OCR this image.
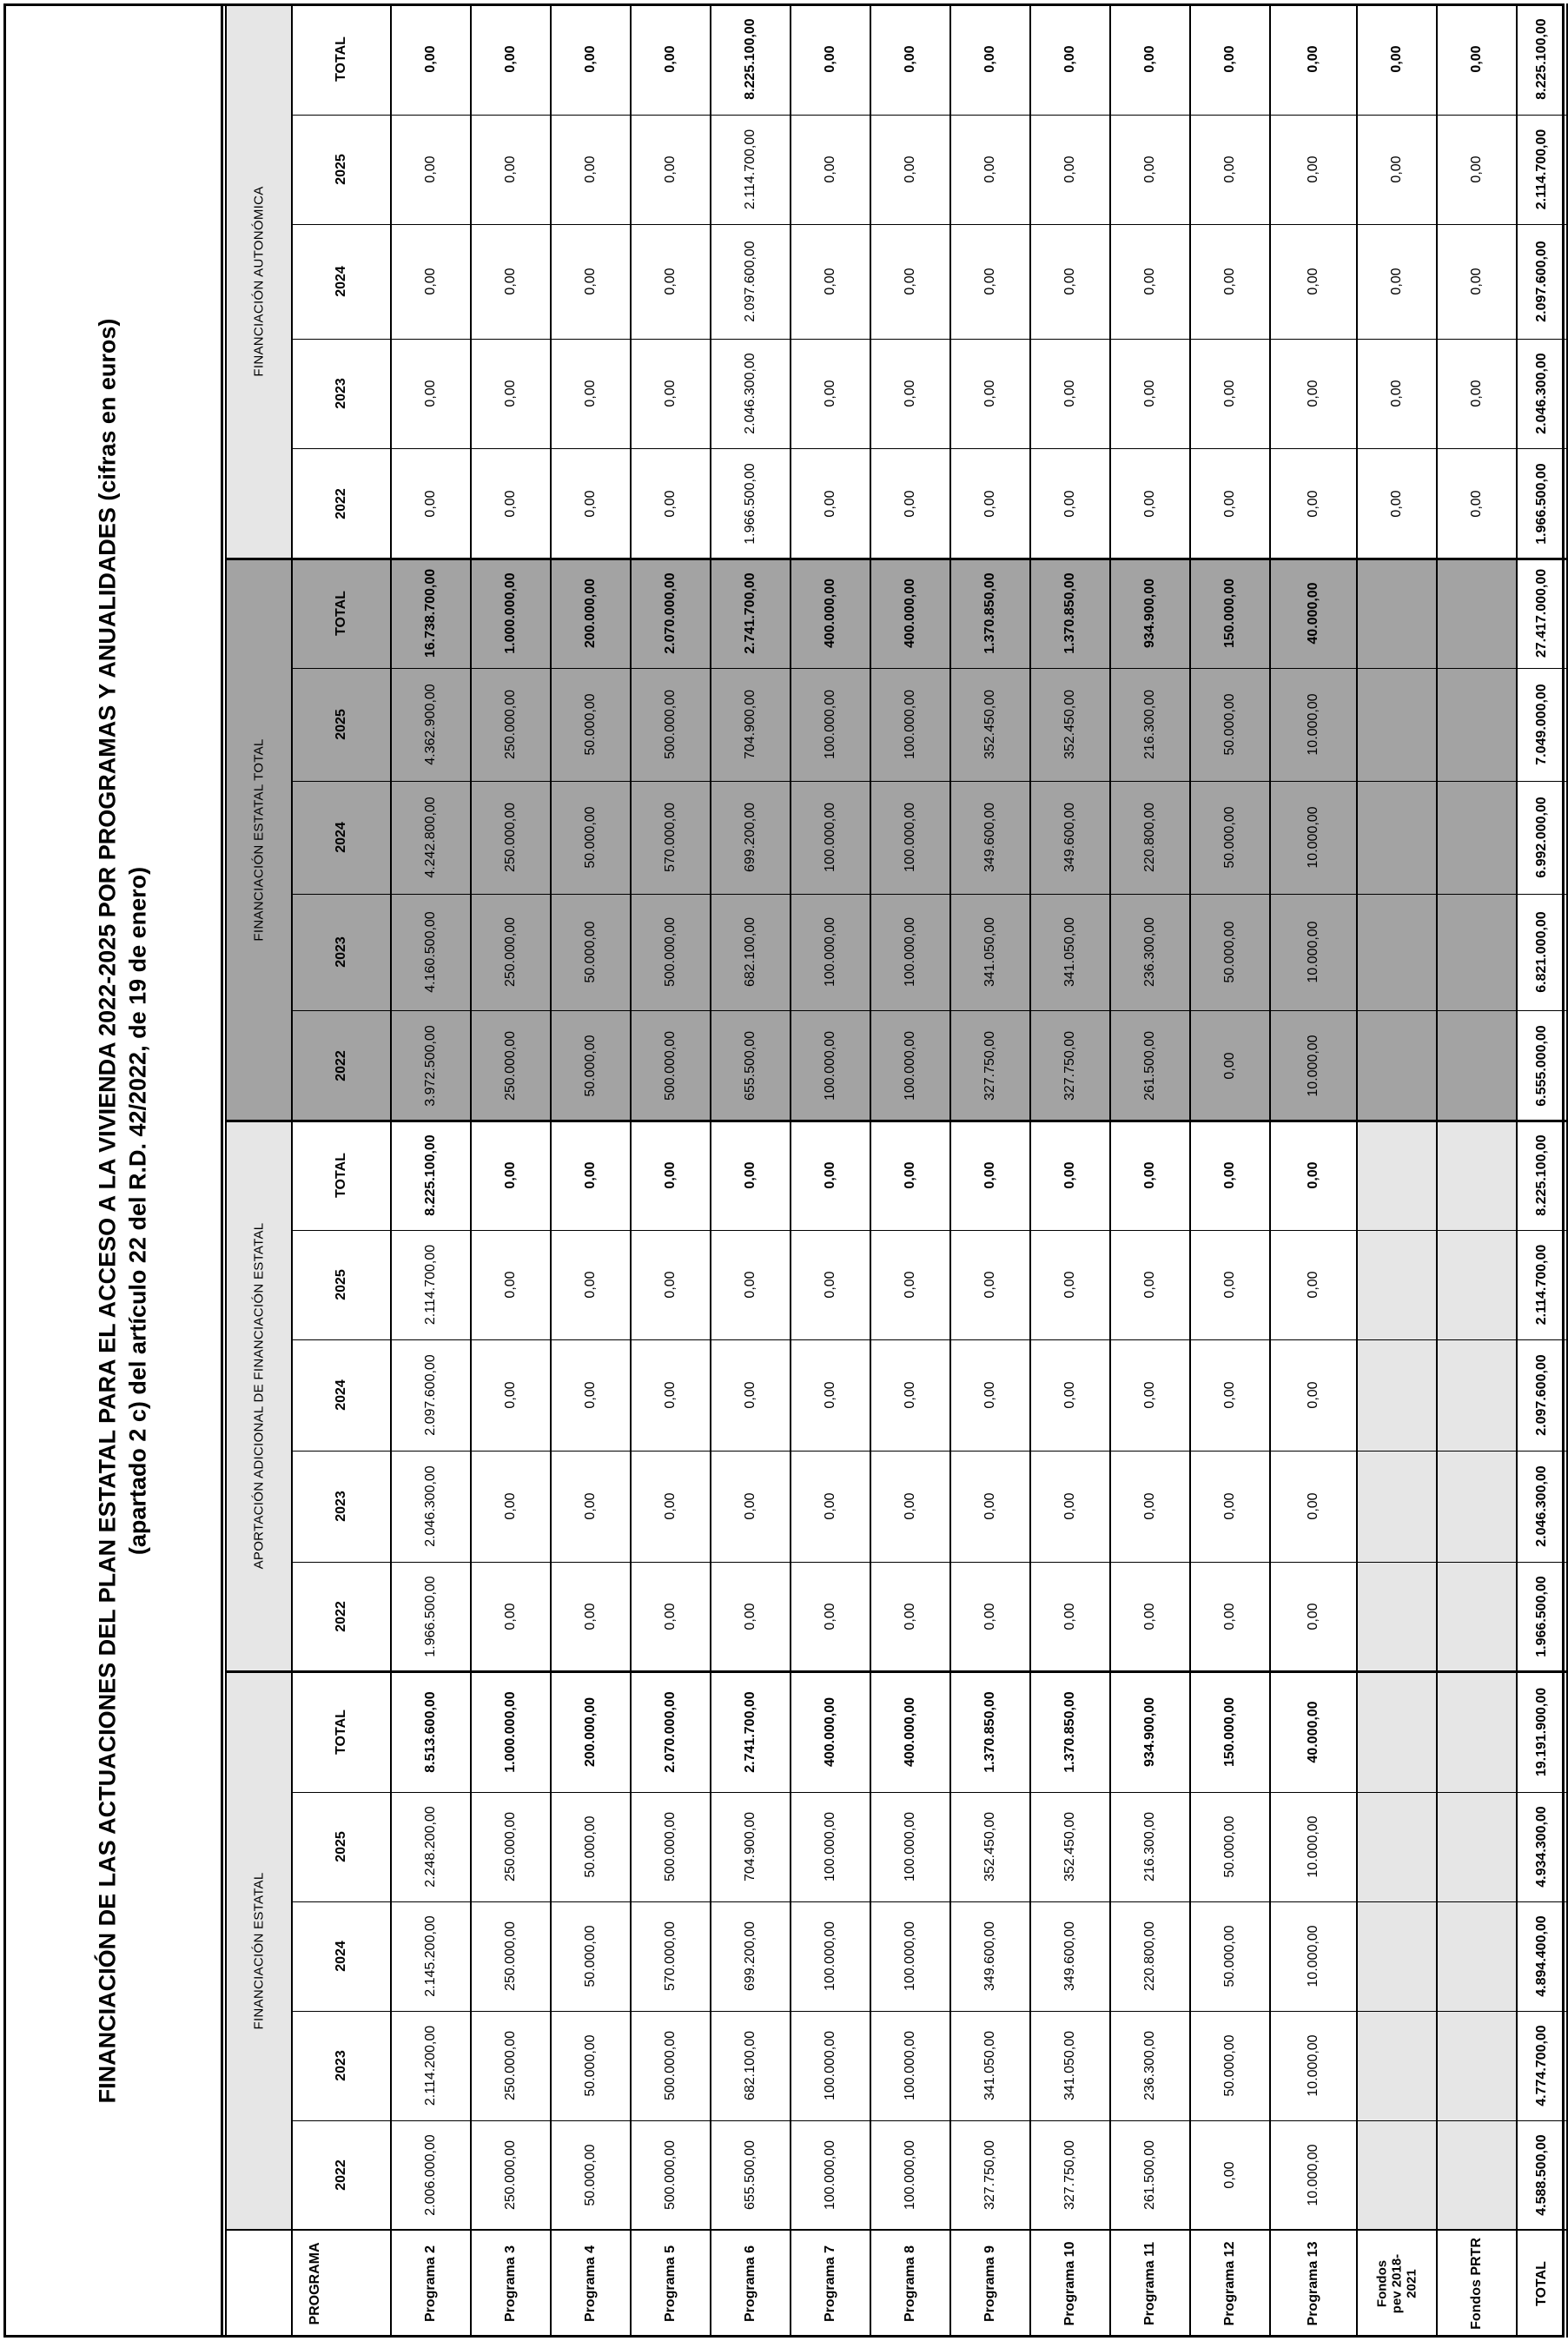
FINANCIACIÓN DE LAS ACTUACIONES DEL PLAN ESTATAL PARA EL ACCESO A LA VIVIENDA 2022-2025 POR PROGRAMAS Y ANUALIDADES (cifras en euros) (apartado 2 c) del artículo 22 del R.D. 42/2022, de 19 de enero)
FINANCIACIÓN ESTATAL
APORTACIÓN ADICIONAL DE FINANCIACIÓN ESTATAL
FINANCIACIÓN ESTATAL TOTAL
FINANCIACIÓN AUTONÓMICA
PROGRAMA
2022
2023
2024
2025
TOTAL
2022
2023
2024
2025
TOTAL
2022
2023
2024
2025
TOTAL
2022
2023
2024
2025
TOTAL
Programa 2
2.006.000,00
2.114.200,00
2.145.200,00
2.248.200,00
8.513.600,00
1.966.500,00
2.046.300,00
2.097.600,00
2.114.700,00
8.225.100,00
3.972.500,00
4.160.500,00
4.242.800,00
4.362.900,00
16.738.700,00
0,00
0,00
0,00
0,00
0,00
Programa 3
250.000,00
250.000,00
250.000,00
250.000,00
1.000.000,00
0,00
0,00
0,00
0,00
0,00
250.000,00
250.000,00
250.000,00
250.000,00
1.000.000,00
0,00
0,00
0,00
0,00
0,00
Programa 4
50.000,00
50.000,00
50.000,00
50.000,00
200.000,00
0,00
0,00
0,00
0,00
0,00
50.000,00
50.000,00
50.000,00
50.000,00
200.000,00
0,00
0,00
0,00
0,00
0,00
Programa 5
500.000,00
500.000,00
570.000,00
500.000,00
2.070.000,00
0,00
0,00
0,00
0,00
0,00
500.000,00
500.000,00
570.000,00
500.000,00
2.070.000,00
0,00
0,00
0,00
0,00
0,00
Programa 6
655.500,00
682.100,00
699.200,00
704.900,00
2.741.700,00
0,00
0,00
0,00
0,00
0,00
655.500,00
682.100,00
699.200,00
704.900,00
2.741.700,00
1.966.500,00
2.046.300,00
2.097.600,00
2.114.700,00
8.225.100,00
Programa 7
100.000,00
100.000,00
100.000,00
100.000,00
400.000,00
0,00
0,00
0,00
0,00
0,00
100.000,00
100.000,00
100.000,00
100.000,00
400.000,00
0,00
0,00
0,00
0,00
0,00
Programa 8
100.000,00
100.000,00
100.000,00
100.000,00
400.000,00
0,00
0,00
0,00
0,00
0,00
100.000,00
100.000,00
100.000,00
100.000,00
400.000,00
0,00
0,00
0,00
0,00
0,00
Programa 9
327.750,00
341.050,00
349.600,00
352.450,00
1.370.850,00
0,00
0,00
0,00
0,00
0,00
327.750,00
341.050,00
349.600,00
352.450,00
1.370.850,00
0,00
0,00
0,00
0,00
0,00
Programa 10
327.750,00
341.050,00
349.600,00
352.450,00
1.370.850,00
0,00
0,00
0,00
0,00
0,00
327.750,00
341.050,00
349.600,00
352.450,00
1.370.850,00
0,00
0,00
0,00
0,00
0,00
Programa 11
261.500,00
236.300,00
220.800,00
216.300,00
934.900,00
0,00
0,00
0,00
0,00
0,00
261.500,00
236.300,00
220.800,00
216.300,00
934.900,00
0,00
0,00
0,00
0,00
0,00
Programa 12
0,00
50.000,00
50.000,00
50.000,00
150.000,00
0,00
0,00
0,00
0,00
0,00
0,00
50.000,00
50.000,00
50.000,00
150.000,00
0,00
0,00
0,00
0,00
0,00
Programa 13
10.000,00
10.000,00
10.000,00
10.000,00
40.000,00
0,00
0,00
0,00
0,00
0,00
10.000,00
10.000,00
10.000,00
10.000,00
40.000,00
0,00
0,00
0,00
0,00
0,00
Fondos pev 2018-2021
0,00
0,00
0,00
0,00
0,00
Fondos PRTR
0,00
0,00
0,00
0,00
0,00
TOTAL
4.588.500,00
4.774.700,00
4.894.400,00
4.934.300,00
19.191.900,00
1.966.500,00
2.046.300,00
2.097.600,00
2.114.700,00
8.225.100,00
6.555.000,00
6.821.000,00
6.992.000,00
7.049.000,00
27.417.000,00
1.966.500,00
2.046.300,00
2.097.600,00
2.114.700,00
8.225.100,00
